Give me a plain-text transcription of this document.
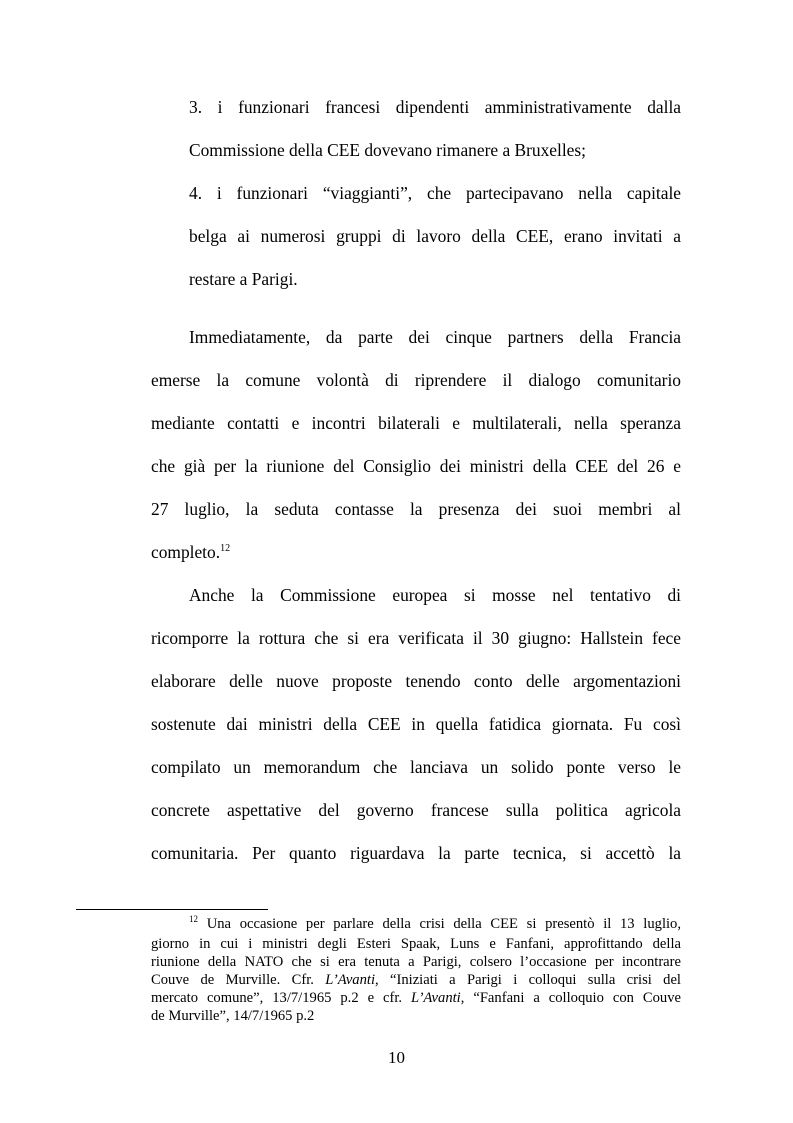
3. i funzionari francesi dipendenti amministrativamente dalla
Commissione della CEE dovevano rimanere a Bruxelles;
4. i funzionari “viaggianti”, che partecipavano nella capitale
belga ai numerosi gruppi di lavoro della CEE, erano invitati a
restare a Parigi.
Immediatamente, da parte dei cinque partners della Francia
emerse la comune volontà di riprendere il dialogo comunitario
mediante contatti e incontri bilaterali e multilaterali, nella speranza
che già per la riunione del Consiglio dei ministri della CEE del 26 e
27 luglio, la seduta contasse la presenza dei suoi membri al
completo.$^{12}$
Anche la Commissione europea si mosse nel tentativo di
ricomporre la rottura che si era verificata il 30 giugno: Hallstein fece
elaborare delle nuove proposte tenendo conto delle argomentazioni
sostenute dai ministri della CEE in quella fatidica giornata. Fu così
compilato un memorandum che lanciava un solido ponte verso le
concrete aspettative del governo francese sulla politica agricola
comunitaria. Per quanto riguardava la parte tecnica, si accettò la
$^{12}$ Una occasione per parlare della crisi della CEE si presentò il 13 luglio,
giorno in cui i ministri degli Esteri Spaak, Luns e Fanfani, approfittando della
riunione della NATO che si era tenuta a Parigi, colsero l’occasione per incontrare
Couve de Murville. Cfr. L’Avanti, “Iniziati a Parigi i colloqui sulla crisi del
mercato comune”, 13/7/1965 p.2 e cfr. L’Avanti, “Fanfani a colloquio con Couve
de Murville”, 14/7/1965 p.2
10
